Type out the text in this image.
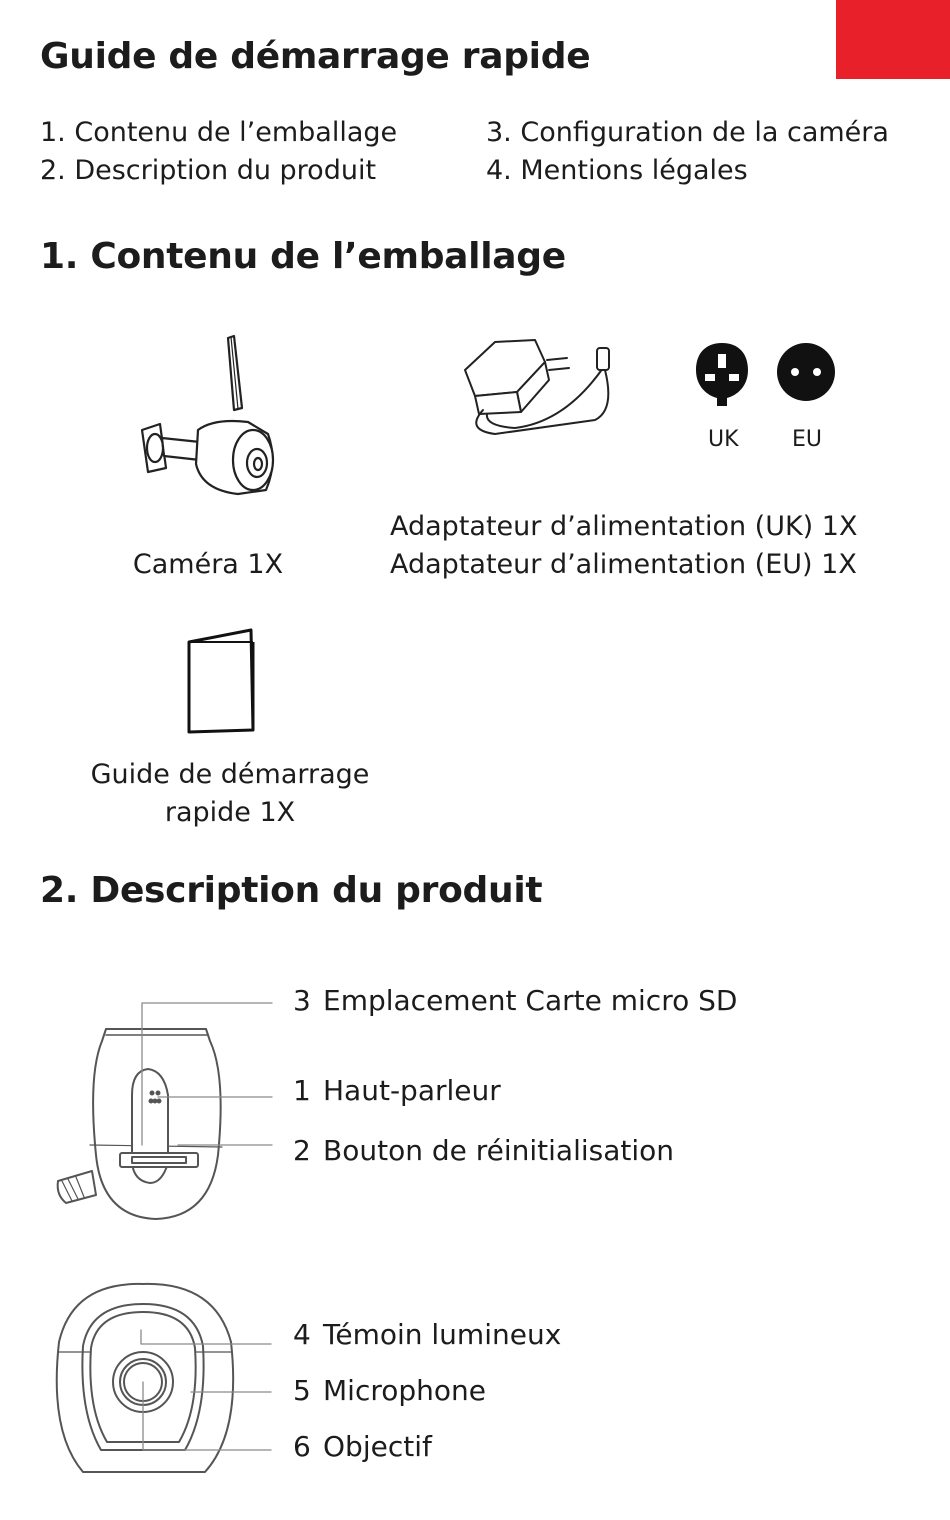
Guide de démarrage rapide
1. Contenu de l’emballage
2. Description du produit
3. Configuration de la caméra
4. Mentions légales
1. Contenu de l’emballage
Caméra 1X
UK EU
Adaptateur d’alimentation (UK) 1X
Adaptateur d’alimentation (EU) 1X
Guide de démarrage
rapide 1X
2. Description du produit
3 Emplacement Carte micro SD
1 Haut-parleur
2 Bouton de réinitialisation
4 Témoin lumineux
5 Microphone
6 Objectif
